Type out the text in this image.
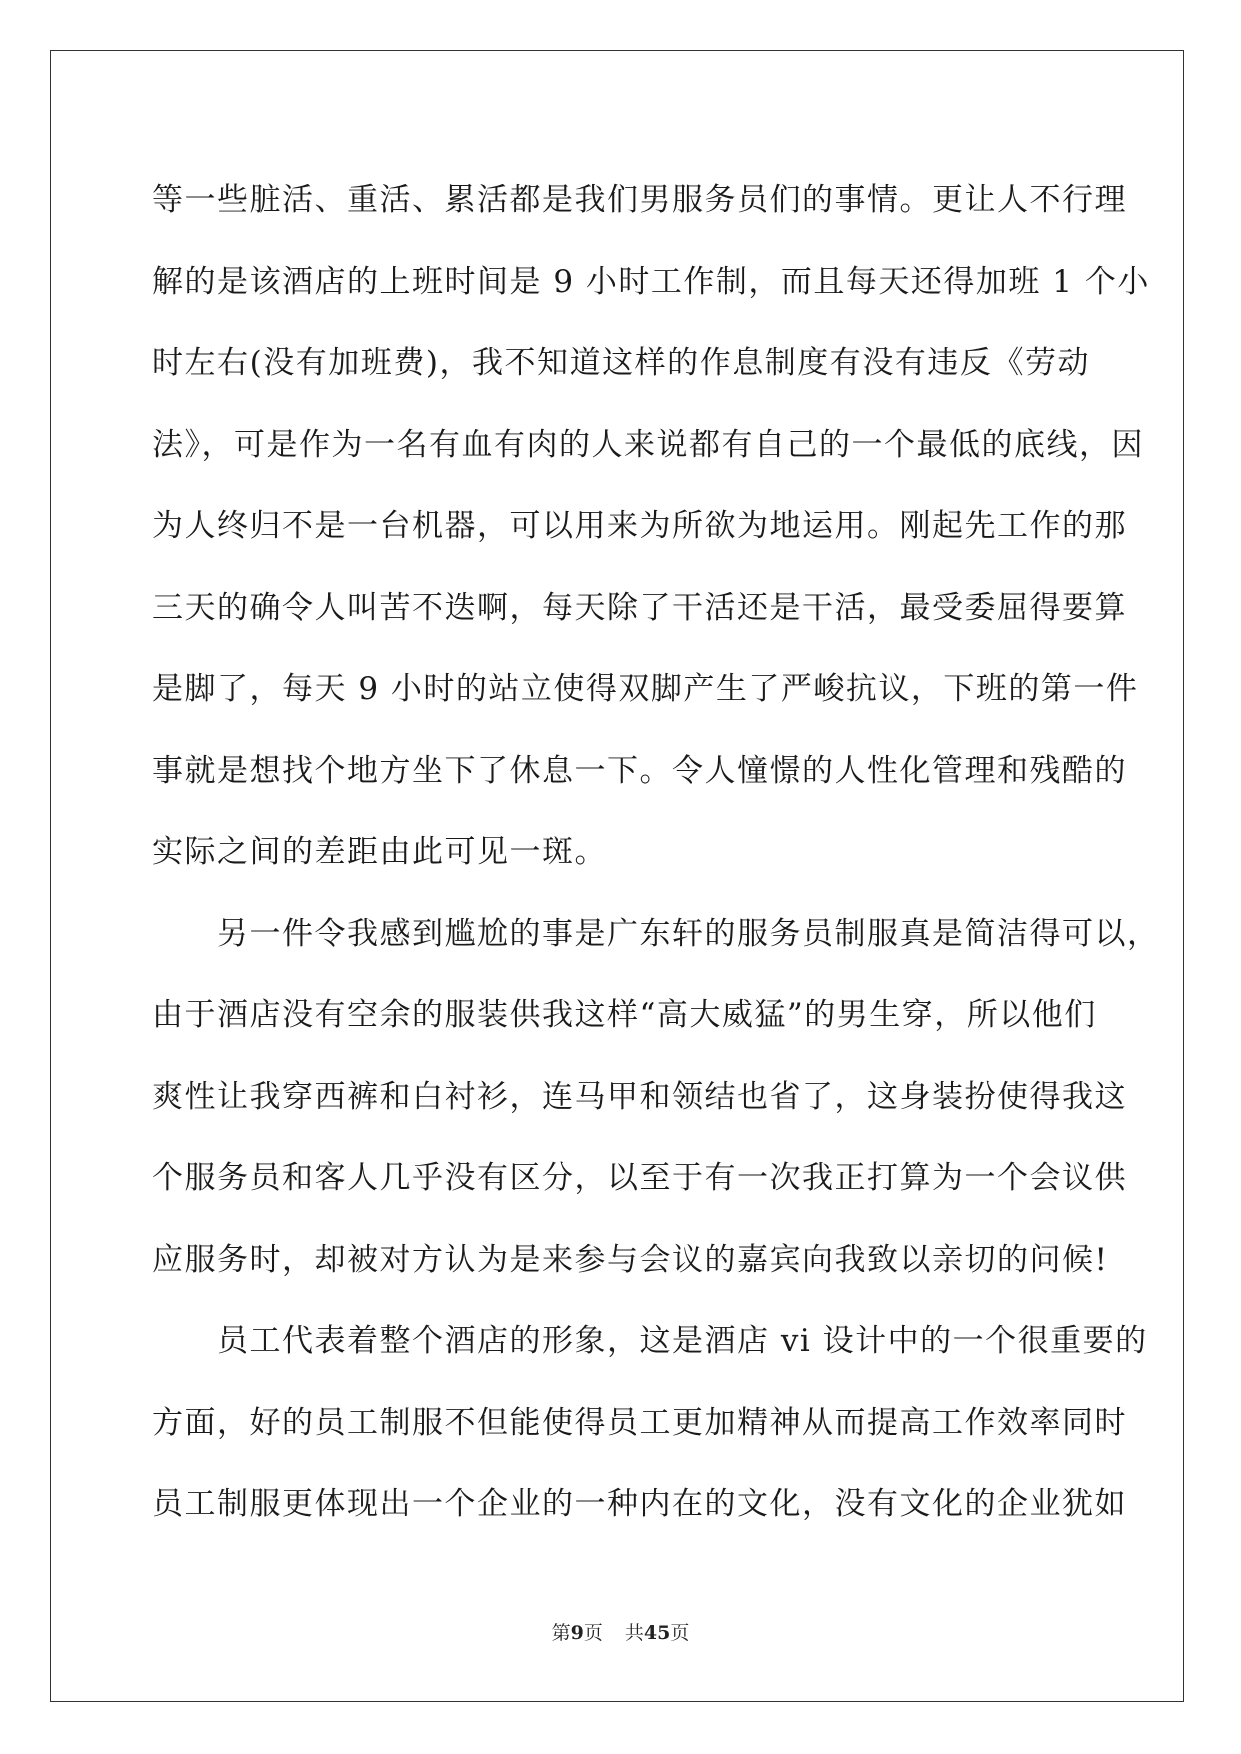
等一些脏活、重活、累活都是我们男服务员们的事情。更让人不行理
解的是该酒店的上班时间是 9 小时工作制，而且每天还得加班 1 个小
时左右(没有加班费)，我不知道这样的作息制度有没有违反《劳动
法》，可是作为一名有血有肉的人来说都有自己的一个最低的底线，因
为人终归不是一台机器，可以用来为所欲为地运用。刚起先工作的那
三天的确令人叫苦不迭啊，每天除了干活还是干活，最受委屈得要算
是脚了，每天 9 小时的站立使得双脚产生了严峻抗议，下班的第一件
事就是想找个地方坐下了休息一下。令人憧憬的人性化管理和残酷的
实际之间的差距由此可见一斑。
　　另一件令我感到尴尬的事是广东轩的服务员制服真是简洁得可以，
由于酒店没有空余的服装供我这样“高大威猛”的男生穿，所以他们
爽性让我穿西裤和白衬衫，连马甲和领结也省了，这身装扮使得我这
个服务员和客人几乎没有区分，以至于有一次我正打算为一个会议供
应服务时，却被对方认为是来参与会议的嘉宾向我致以亲切的问候!
　　员工代表着整个酒店的形象，这是酒店 vi 设计中的一个很重要的
方面，好的员工制服不但能使得员工更加精神从而提高工作效率同时
员工制服更体现出一个企业的一种内在的文化，没有文化的企业犹如
第9页 共45页
